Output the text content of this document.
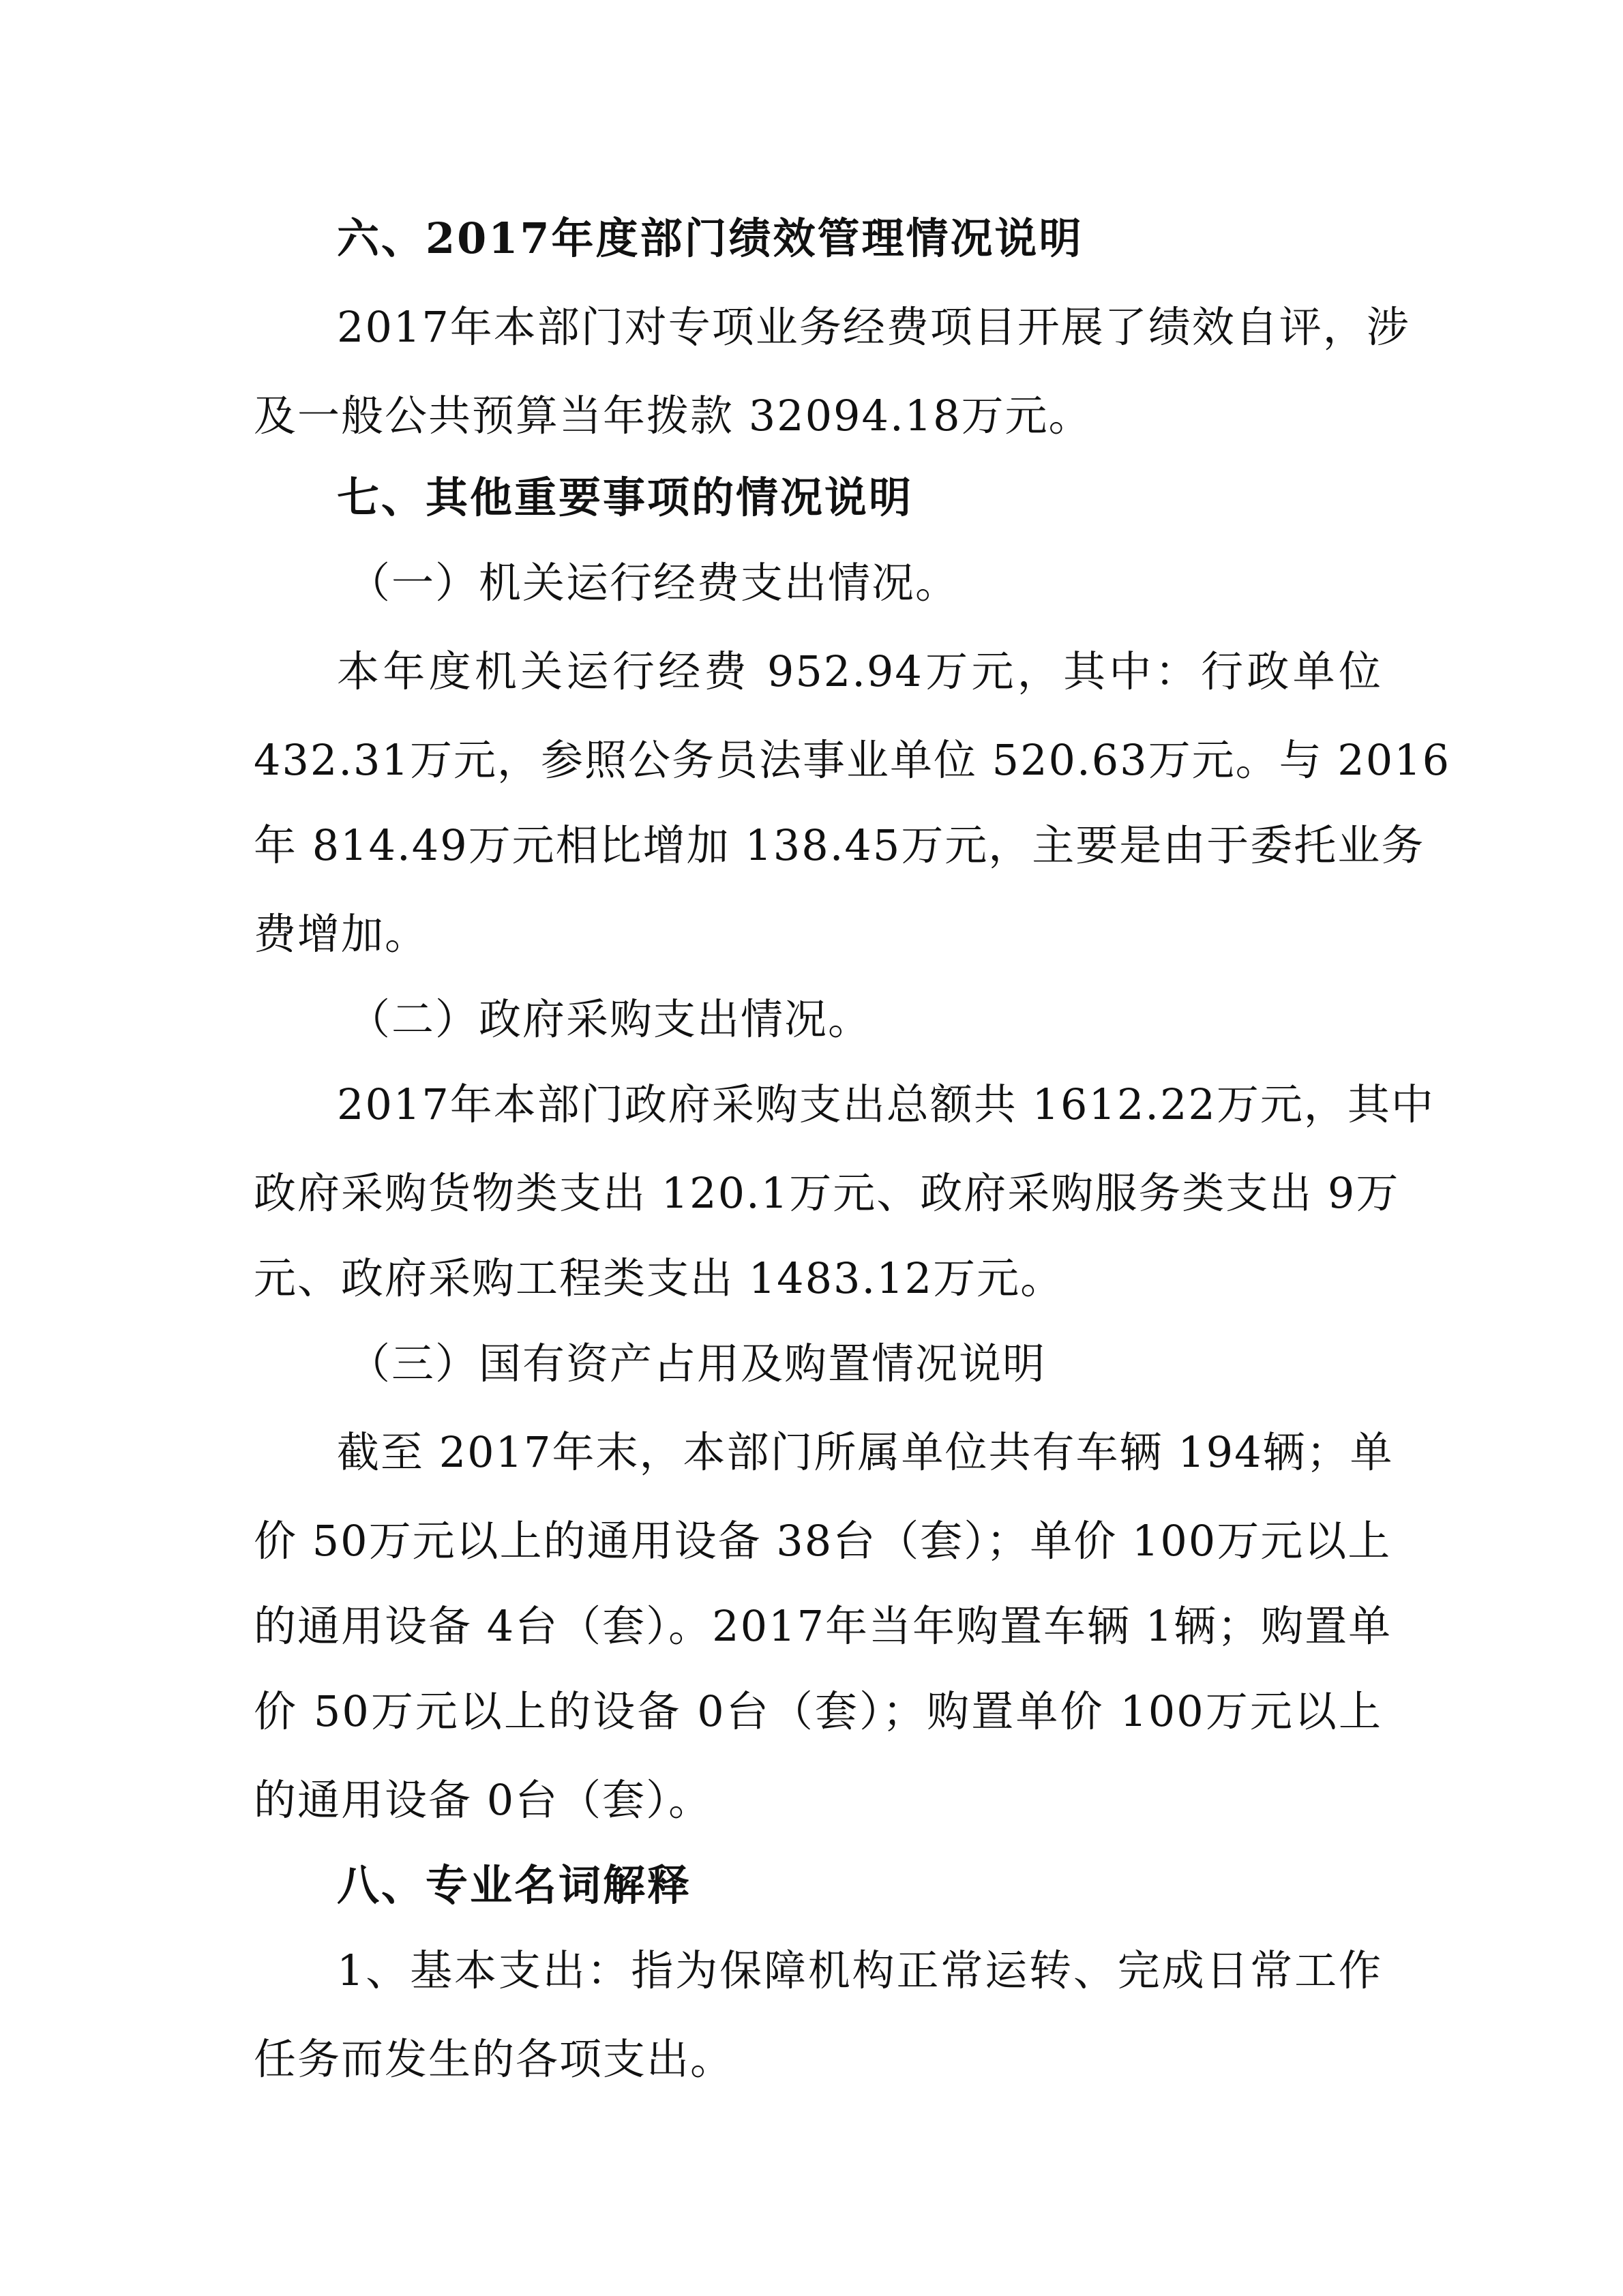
六、2017年度部门绩效管理情况说明
2017年本部门对专项业务经费项目开展了绩效自评，涉
及一般公共预算当年拨款 32094.18万元。
七、其他重要事项的情况说明
（一）机关运行经费支出情况。
本年度机关运行经费 952.94万元，其中：行政单位
432.31万元，参照公务员法事业单位 520.63万元。与 2016
年 814.49万元相比增加 138.45万元，主要是由于委托业务
费增加。
（二）政府采购支出情况。
2017年本部门政府采购支出总额共 1612.22万元，其中
政府采购货物类支出 120.1万元、政府采购服务类支出 9万
元、政府采购工程类支出 1483.12万元。
（三）国有资产占用及购置情况说明
截至 2017年末，本部门所属单位共有车辆 194辆；单
价 50万元以上的通用设备 38台（套）；单价 100万元以上
的通用设备 4台（套）。2017年当年购置车辆 1辆；购置单
价 50万元以上的设备 0台（套）；购置单价 100万元以上
的通用设备 0台（套）。
八、专业名词解释
1、基本支出：指为保障机构正常运转、完成日常工作
任务而发生的各项支出。
